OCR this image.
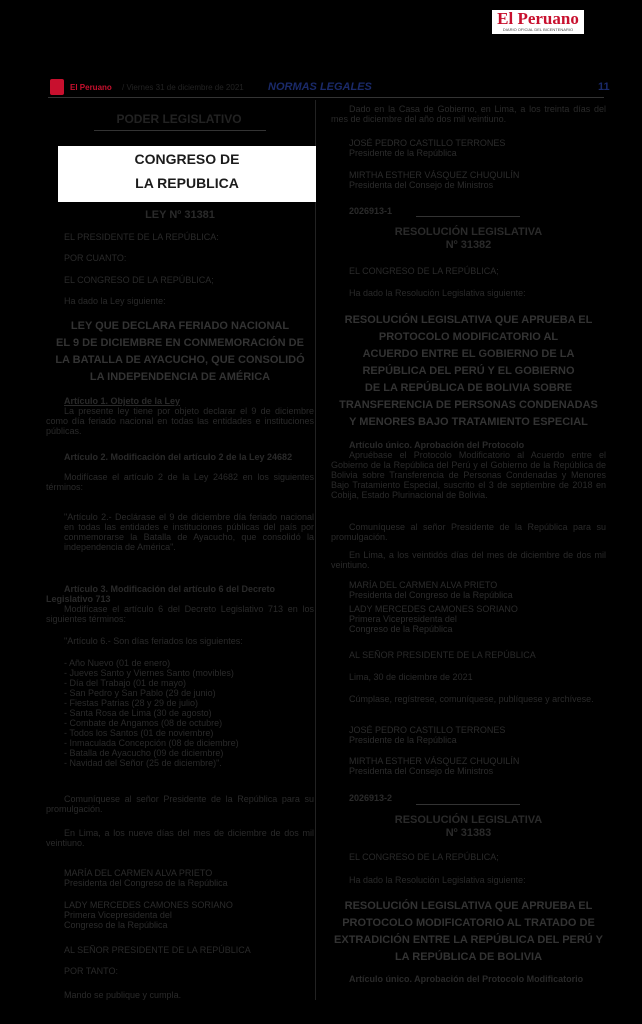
El Peruano
DIARIO OFICIAL DEL BICENTENARIO
El Peruano / Viernes 31 de diciembre de 2021 NORMAS LEGALES	11
PODER LEGISLATIVO
CONGRESO DE
LA REPUBLICA
LEY Nº 31381
EL PRESIDENTE DE LA REPÚBLICA:
POR CUANTO:
EL CONGRESO DE LA REPÚBLICA;
Ha dado la Ley siguiente:
LEY QUE DECLARA FERIADO NACIONAL
EL 9 DE DICIEMBRE EN CONMEMORACIÓN DE
LA BATALLA DE AYACUCHO, QUE CONSOLIDÓ
LA INDEPENDENCIA DE AMÉRICA
Artículo 1. Objeto de la Ley
La presente ley tiene por objeto declarar el 9 de diciembre como día feriado nacional en todas las entidades e instituciones públicas.
Artículo 2. Modificación del artículo 2 de la Ley 24682
Modifícase el artículo 2 de la Ley 24682 en los siguientes términos:
"Artículo 2.- Declárase el 9 de diciembre día feriado nacional en todas las entidades e instituciones públicas del país por conmemorarse la Batalla de Ayacucho, que consolidó la independencia de América".
Artículo 3. Modificación del artículo 6 del Decreto Legislativo 713
Modifícase el artículo 6 del Decreto Legislativo 713 en los siguientes términos:
"Artículo 6.- Son días feriados los siguientes:
- Año Nuevo (01 de enero)
- Jueves Santo y Viernes Santo (movibles)
- Día del Trabajo (01 de mayo)
- San Pedro y San Pablo (29 de junio)
- Fiestas Patrias (28 y 29 de julio)
- Santa Rosa de Lima (30 de agosto)
- Combate de Angamos (08 de octubre)
- Todos los Santos (01 de noviembre)
- Inmaculada Concepción (08 de diciembre)
- Batalla de Ayacucho (09 de diciembre)
- Navidad del Señor (25 de diciembre)".
Comuníquese al señor Presidente de la República para su promulgación.
En Lima, a los nueve días del mes de diciembre de dos mil veintiuno.
MARÍA DEL CARMEN ALVA PRIETO
Presidenta del Congreso de la República
LADY MERCEDES CAMONES SORIANO
Primera Vicepresidenta del
Congreso de la República
AL SEÑOR PRESIDENTE DE LA REPÚBLICA
POR TANTO:
Mando se publique y cumpla.
Dado en la Casa de Gobierno, en Lima, a los treinta días del mes de diciembre del año dos mil veintiuno.
JOSÉ PEDRO CASTILLO TERRONES
Presidente de la República
MIRTHA ESTHER VÁSQUEZ CHUQUILÍN
Presidenta del Consejo de Ministros
2026913-1
RESOLUCIÓN LEGISLATIVA
Nº 31382
EL CONGRESO DE LA REPÚBLICA;
Ha dado la Resolución Legislativa siguiente:
RESOLUCIÓN LEGISLATIVA QUE APRUEBA EL
PROTOCOLO MODIFICATORIO AL
ACUERDO ENTRE EL GOBIERNO DE LA
REPÚBLICA DEL PERÚ Y EL GOBIERNO
DE LA REPÚBLICA DE BOLIVIA SOBRE
TRANSFERENCIA DE PERSONAS CONDENADAS
Y MENORES BAJO TRATAMIENTO ESPECIAL
Artículo único. Aprobación del Protocolo
Apruébase el Protocolo Modificatorio al Acuerdo entre el Gobierno de la República del Perú y el Gobierno de la República de Bolivia sobre Transferencia de Personas Condenadas y Menores Bajo Tratamiento Especial, suscrito el 3 de septiembre de 2018 en Cobija, Estado Plurinacional de Bolivia.
Comuníquese al señor Presidente de la República para su promulgación.
En Lima, a los veintidós días del mes de diciembre de dos mil veintiuno.
MARÍA DEL CARMEN ALVA PRIETO
Presidenta del Congreso de la República
LADY MERCEDES CAMONES SORIANO
Primera Vicepresidenta del
Congreso de la República
AL SEÑOR PRESIDENTE DE LA REPÚBLICA
Lima, 30 de diciembre de 2021
Cúmplase, regístrese, comuníquese, publíquese y archívese.
JOSÉ PEDRO CASTILLO TERRONES
Presidente de la República
MIRTHA ESTHER VÁSQUEZ CHUQUILÍN
Presidenta del Consejo de Ministros
2026913-2
RESOLUCIÓN LEGISLATIVA
Nº 31383
EL CONGRESO DE LA REPÚBLICA;
Ha dado la Resolución Legislativa siguiente:
RESOLUCIÓN LEGISLATIVA QUE APRUEBA EL
PROTOCOLO MODIFICATORIO AL TRATADO DE
EXTRADICIÓN ENTRE LA REPÚBLICA DEL PERÚ Y
LA REPÚBLICA DE BOLIVIA
Artículo único. Aprobación del Protocolo Modificatorio
